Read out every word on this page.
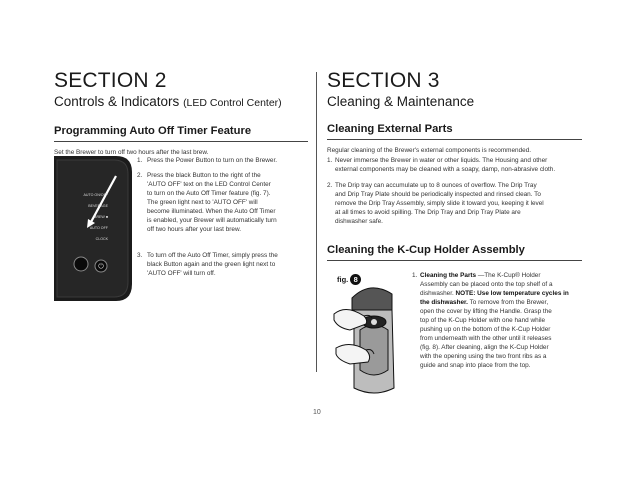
SECTION 2

Controls & Indicators (LED Control Center)

Programming Auto Off Timer Feature

Set the Brewer to turn off two hours after the last brew.

⏻
AUTO ON/OFF
BEVERAGE
BREW ■
AUTO OFF
CLOCK
1. Press the Power Button to turn on the Brewer.
2. Press the black Button to the right of the
'AUTO OFF' text on the LED Control Center
to turn on the Auto Off Timer feature (fig. 7).
The green light next to 'AUTO OFF' will
become illuminated. When the Auto Off Timer
is enabled, your Brewer will automatically turn
off two hours after your last brew.
3. To turn off the Auto Off Timer, simply press the
black Button again and the green light next to
'AUTO OFF' will turn off.
SECTION 3

Cleaning & Maintenance

Cleaning External Parts

Regular cleaning of the Brewer's external components is recommended.

1. Never immerse the Brewer in water or other liquids. The Housing and other
external components may be cleaned with a soapy, damp, non-abrasive cloth.
2. The Drip tray can accumulate up to 8 ounces of overflow. The Drip Tray
and Drip Tray Plate should be periodically inspected and rinsed clean. To
remove the Drip Tray Assembly, simply slide it toward you, keeping it level
at all times to avoid spilling. The Drip Tray and Drip Tray Plate are
dishwasher safe.
Cleaning the K-Cup Holder Assembly
fig. 8	1. Cleaning the Parts —The K-Cup® Holder
Assembly can be placed onto the top shelf of a
dishwasher. NOTE: Use low temperature cycles in
the dishwasher. To remove from the Brewer,
open the cover by lifting the Handle. Grasp the
top of the K-Cup Holder with one hand while
pushing up on the bottom of the K-Cup Holder
from underneath with the other until it releases
(fig. 8). After cleaning, align the K-Cup Holder
with the opening using the two front ribs as a
guide and snap into place from the top.
10
